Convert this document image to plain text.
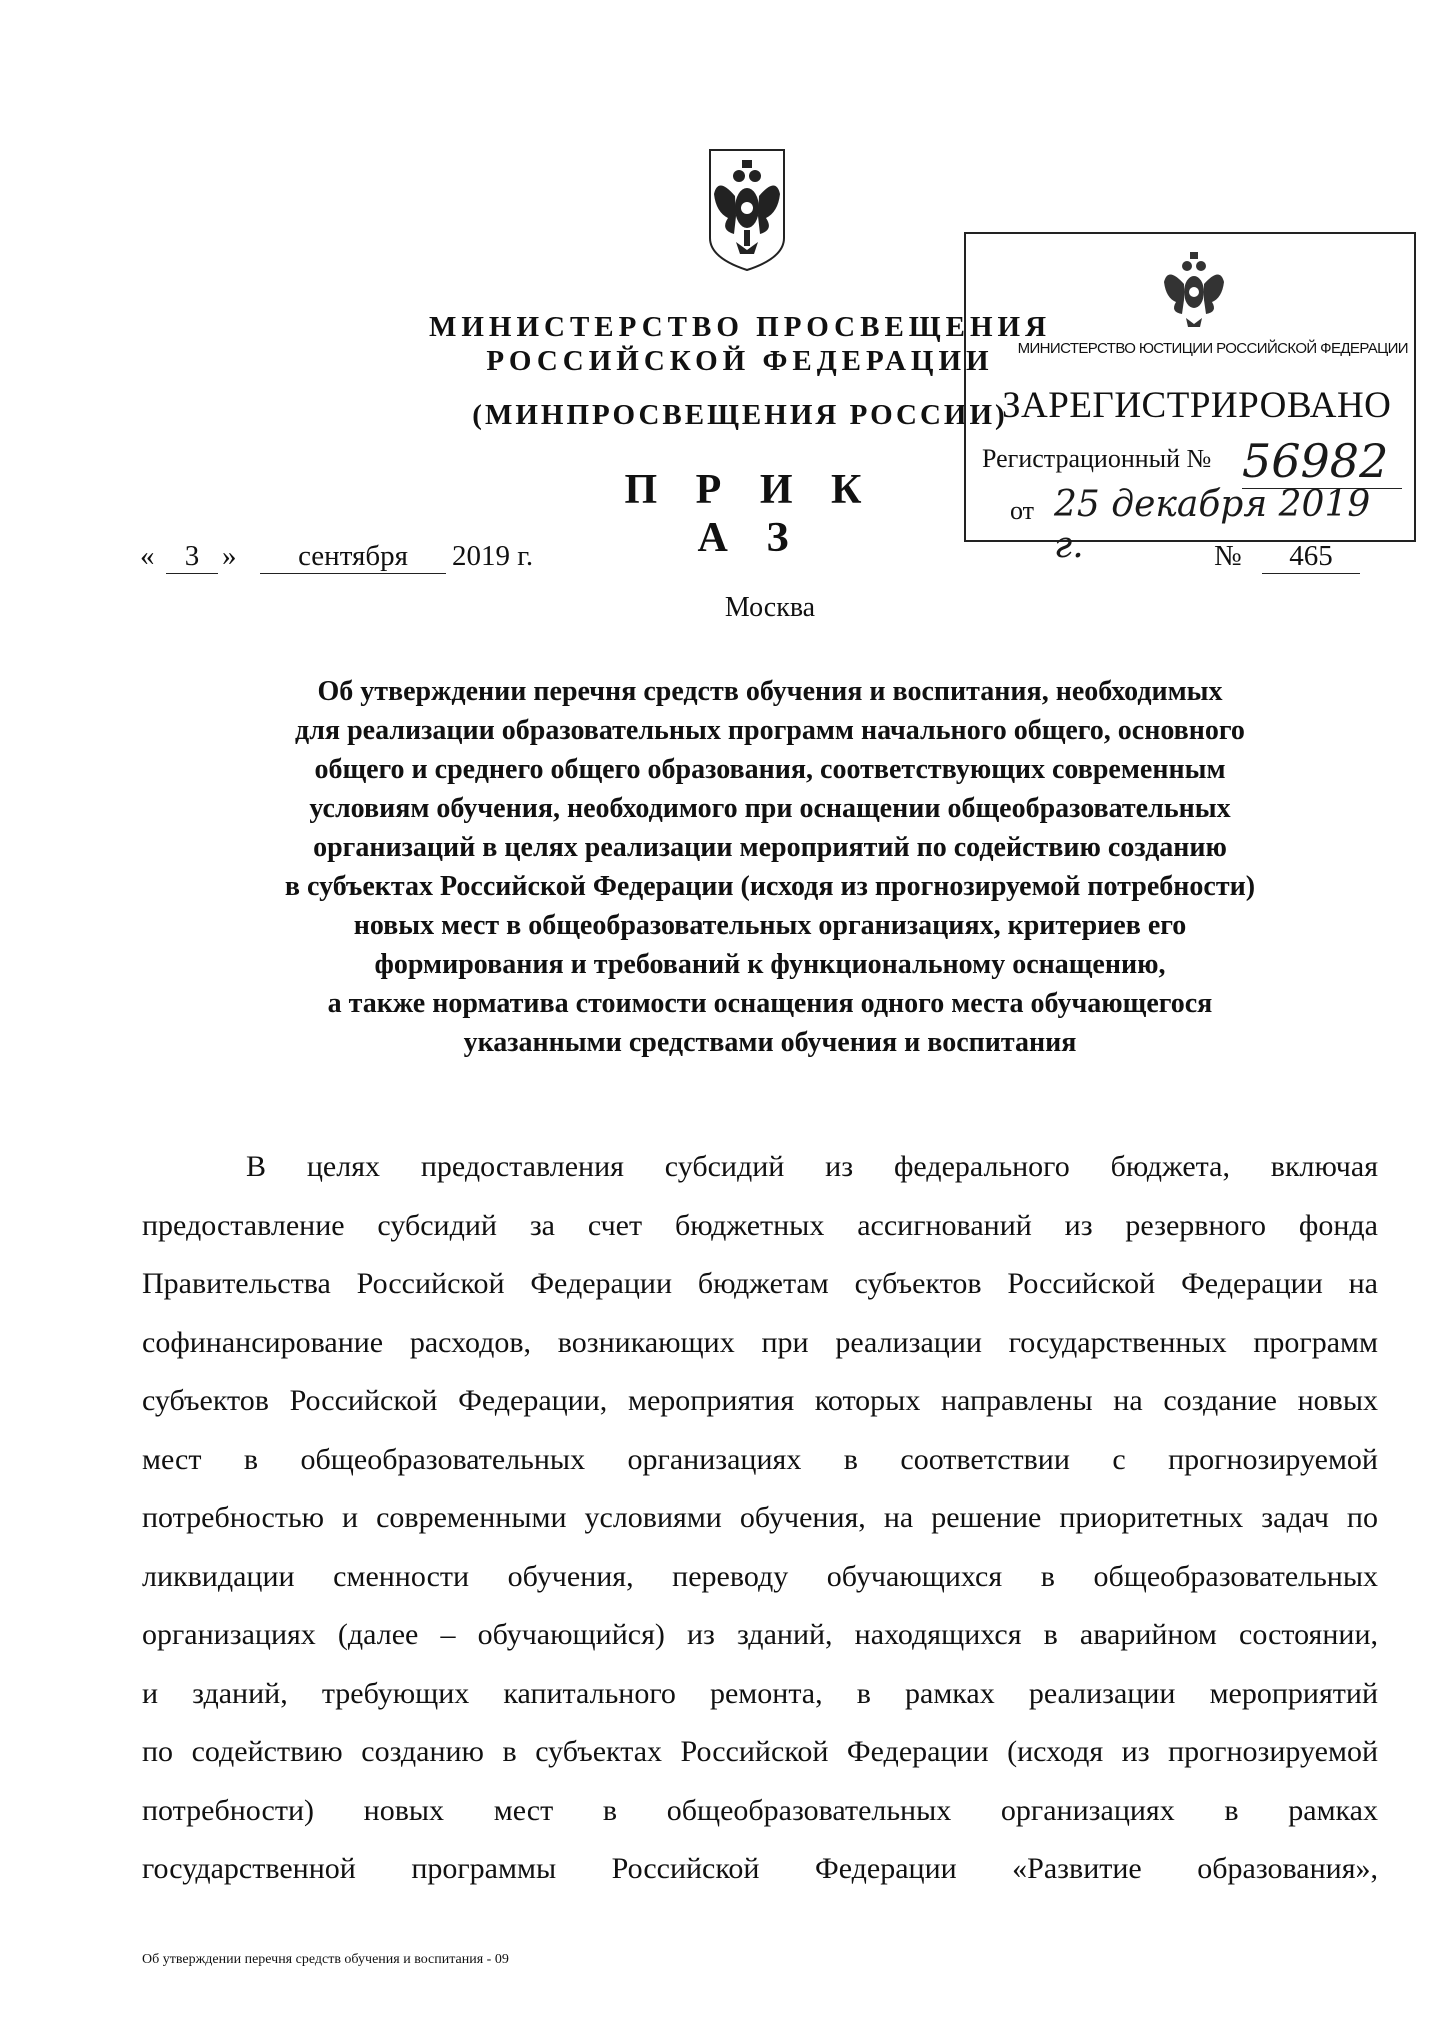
МИНИСТЕРСТВО ПРОСВЕЩЕНИЯ
РОССИЙСКОЙ ФЕДЕРАЦИИ
(МИНПРОСВЕЩЕНИЯ РОССИИ)
П Р И К А З
МИНИСТЕРСТВО ЮСТИЦИИ РОССИЙСКОЙ ФЕДЕРАЦИИ
ЗАРЕГИСТРИРОВАНО
Регистрационный № 56982
от 25 декабря 2019 г.
«	3 »	сентября	2019 г.	№	465
Москва
Об утверждении перечня средств обучения и воспитания, необходимых
для реализации образовательных программ начального общего, основного
общего и среднего общего образования, соответствующих современным
условиям обучения, необходимого при оснащении общеобразовательных
организаций в целях реализации мероприятий по содействию созданию
в субъектах Российской Федерации (исходя из прогнозируемой потребности)
новых мест в общеобразовательных организациях, критериев его
формирования и требований к функциональному оснащению,
а также норматива стоимости оснащения одного места обучающегося
указанными средствами обучения и воспитания
В целях предоставления субсидий из федерального бюджета, включая
предоставление субсидий за счет бюджетных ассигнований из резервного фонда
Правительства Российской Федерации бюджетам субъектов Российской Федерации на
софинансирование расходов, возникающих при реализации государственных программ
субъектов Российской Федерации, мероприятия которых направлены на создание новых
мест в общеобразовательных организациях в соответствии с прогнозируемой
потребностью и современными условиями обучения, на решение приоритетных задач по
ликвидации сменности обучения, переводу обучающихся в общеобразовательных
организациях (далее – обучающийся) из зданий, находящихся в аварийном состоянии,
и зданий, требующих капитального ремонта, в рамках реализации мероприятий
по содействию созданию в субъектах Российской Федерации (исходя из прогнозируемой
потребности) новых мест в общеобразовательных организациях в рамках
государственной программы Российской Федерации «Развитие образования»,
Об утверждении перечня средств обучения и воспитания - 09
